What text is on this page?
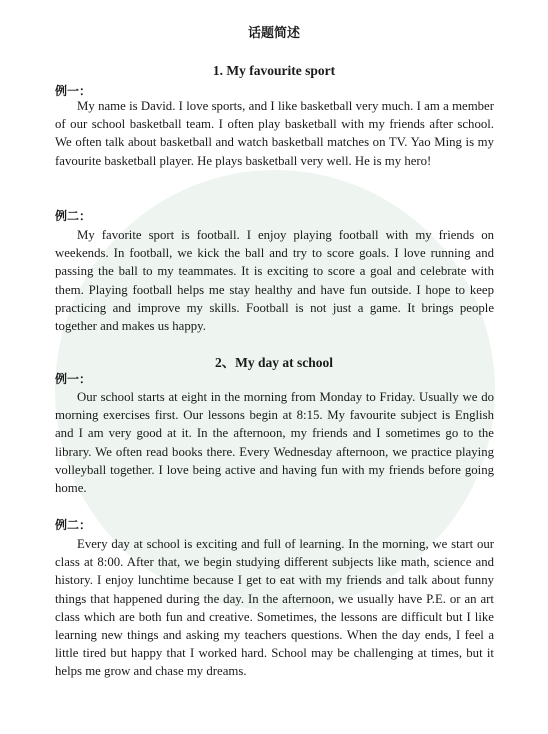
话题简述
1. My favourite sport
例一：

My name is David. I love sports, and I like basketball very much. I am a member of our school basketball team. I often play basketball with my friends after school. We often talk about basketball and watch basketball matches on TV. Yao Ming is my favourite basketball player. He plays basketball very well. He is my hero!

例二：

My favorite sport is football. I enjoy playing football with my friends on weekends. In football, we kick the ball and try to score goals. I love running and passing the ball to my teammates. It is exciting to score a goal and celebrate with them. Playing football helps me stay healthy and have fun outside. I hope to keep practicing and improve my skills. Football is not just a game. It brings people together and makes us happy.

2、My day at school
例一：

Our school starts at eight in the morning from Monday to Friday. Usually we do morning exercises first. Our lessons begin at 8:15. My favourite subject is English and I am very good at it. In the afternoon, my friends and I sometimes go to the library. We often read books there. Every Wednesday afternoon, we practice playing volleyball together. I love being active and having fun with my friends before going home.

例二：

Every day at school is exciting and full of learning. In the morning, we start our class at 8:00. After that, we begin studying different subjects like math, science and history. I enjoy lunchtime because I get to eat with my friends and talk about funny things that happened during the day. In the afternoon, we usually have P.E. or an art class which are both fun and creative. Sometimes, the lessons are difficult but I like learning new things and asking my teachers questions. When the day ends, I feel a little tired but happy that I worked hard. School may be challenging at times, but it helps me grow and chase my dreams.
